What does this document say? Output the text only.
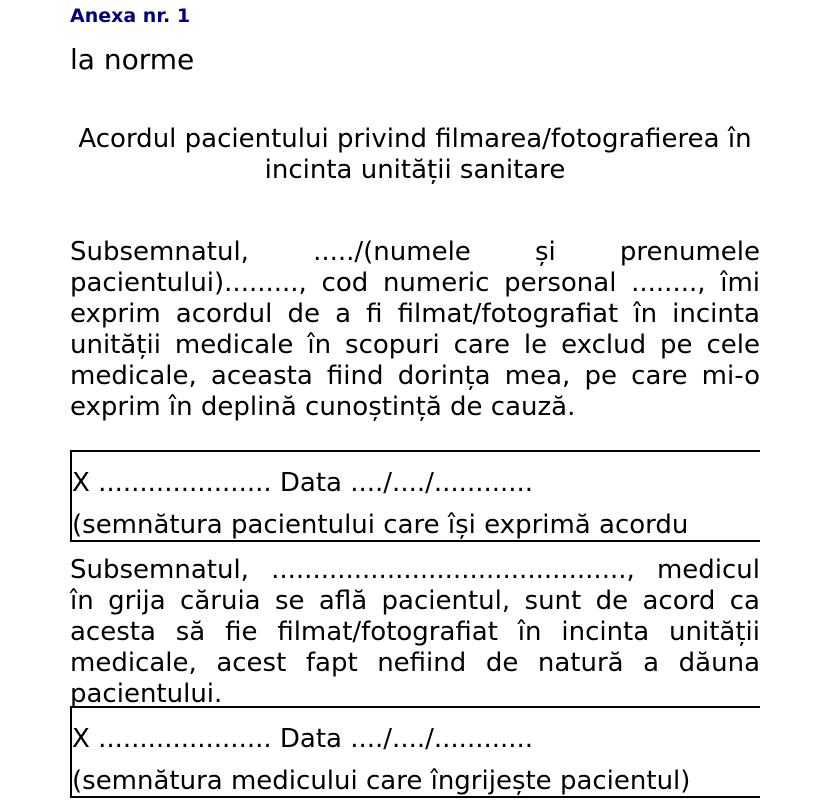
Anexa nr. 1
la norme
Acordul pacientului privind filmarea/fotografierea în incinta unității sanitare
Subsemnatul, ...../(numele și prenumele pacientului)........., cod numeric personal ........, îmi exprim acordul de a fi filmat/fotografiat în incinta unității medicale în scopuri care le exclud pe cele medicale, aceasta fiind dorința mea, pe care mi-o exprim în deplină cunoștință de cauză.
X ..................... Data ..../..../............
(semnătura pacientului care își exprimă acordu
Subsemnatul, ..........................................., medicul în grija căruia se află pacientul, sunt de acord ca acesta să fie filmat/fotografiat în incinta unității medicale, acest fapt nefiind de natură a dăuna pacientului.
X ..................... Data ..../..../............
(semnătura medicului care îngrijește pacientul)
